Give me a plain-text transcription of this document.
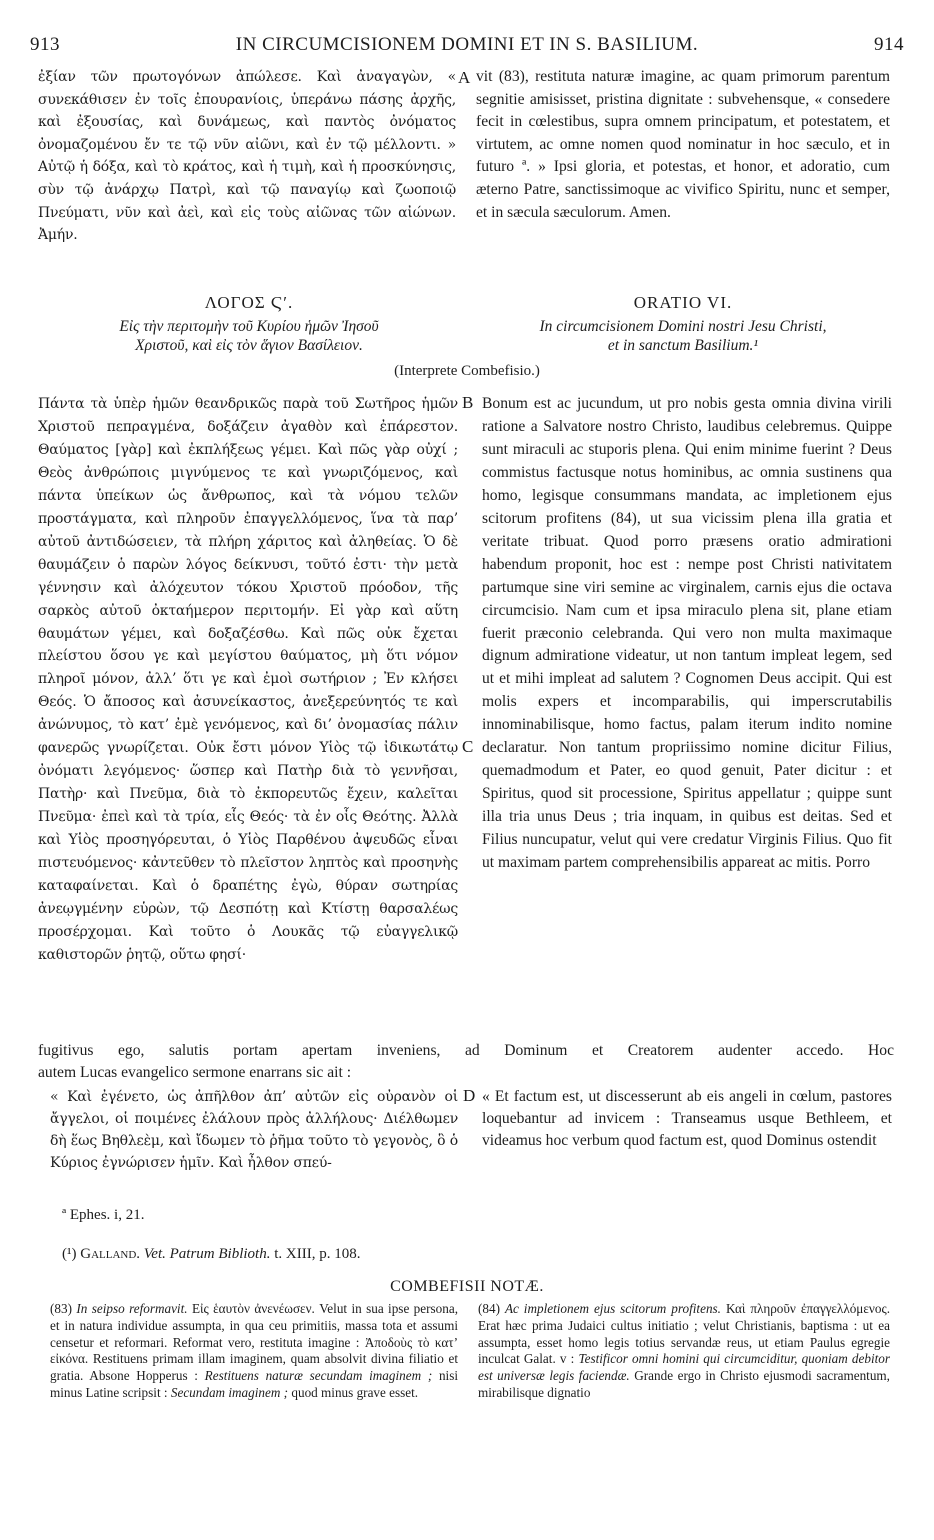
913	IN CIRCUMCISIONEM DOMINI ET IN S. BASILIUM.	914

ἐξίαν τῶν πρωτογόνων ἀπώλεσε. Καὶ ἀναγαγὼν, « συνεκάθισεν ἐν τοῖς ἐπουρανίοις, ὑπεράνω πάσης ἀρχῆς, καὶ ἐξουσίας, καὶ δυνάμεως, καὶ παντὸς ὀνόματος ὀνομαζομένου ἔν τε τῷ νῦν αἰῶνι, καὶ ἐν τῷ μέλλοντι. » Αὐτῷ ἡ δόξα, καὶ τὸ κράτος, καὶ ἡ τιμὴ, καὶ ἡ προσκύνησις, σὺν τῷ ἀνάρχῳ Πατρὶ, καὶ τῷ παναγίῳ καὶ ζωοποιῷ Πνεύματι, νῦν καὶ ἀεὶ, καὶ εἰς τοὺς αἰῶνας τῶν αἰώνων. Ἀμήν.

A vit (83), restituta naturæ imagine, ac quam primorum parentum segnitie amisisset, pristina dignitate : subvehensque, « consedere fecit in cœlestibus, supra omnem principatum, et potestatem, et virtutem, ac omne nomen quod nominatur in hoc sæculo, et in futuro ª. » Ipsi gloria, et potestas, et honor, et adoratio, cum æterno Patre, sanctissimoque ac vivifico Spiritu, nunc et semper, et in sæcula sæculorum. Amen.

ΛΟΓΟΣ Ϛʹ.
Εἰς τὴν περιτομὴν τοῦ Κυρίου ἡμῶν Ἰησοῦ
Χριστοῦ, καὶ εἰς τὸν ἅγιον Βασίλειον.
ORATIO VI.
In circumcisionem Domini nostri Jesu Christi,
et in sanctum Basilium.¹
(Interprete Combefisio.)

Πάντα τὰ ὑπὲρ ἡμῶν θεανδρικῶς παρὰ τοῦ Σωτῆρος ἡμῶν Χριστοῦ πεπραγμένα, δοξάζειν ἀγαθὸν καὶ ἐπάρεστον. Θαύματος [γὰρ] καὶ ἐκπλήξεως γέμει. Καὶ πῶς γὰρ οὐχί ; Θεὸς ἀνθρώποις μιγνύμενος τε καὶ γνωριζόμενος, καὶ πάντα ὑπείκων ὡς ἄνθρωπος, καὶ τὰ νόμου τελῶν προστάγματα, καὶ πληροῦν ἐπαγγελλόμενος, ἵνα τὰ παρ’ αὐτοῦ ἀντιδώσειεν, τὰ πλήρη χάριτος καὶ ἀληθείας. Ὁ δὲ θαυμάζειν ὁ παρὼν λόγος δείκνυσι, τοῦτό ἐστι· τὴν μετὰ γέννησιν καὶ ἀλόχευτον τόκου Χριστοῦ πρόοδον, τῆς σαρκὸς αὐτοῦ ὀκταήμερον περιτομήν. Εἰ γὰρ καὶ αὕτη θαυμάτων γέμει, καὶ δοξαζέσθω. Καὶ πῶς οὐκ ἔχεται πλείστου ὅσου γε καὶ μεγίστου θαύματος, μὴ ὅτι νόμον πληροῖ μόνον, ἀλλ’ ὅτι γε καὶ ἐμοὶ σωτήριον ; Ἐν κλήσει Θεός. Ὁ ἄποσος καὶ ἀσυνείκαστος, ἀνεξερεύνητός τε καὶ ἀνώνυμος, τὸ κατ’ ἐμὲ γενόμενος, καὶ δι’ ὀνομασίας πάλιν φανερῶς γνωρίζεται. Οὐκ ἔστι μόνον Υἱὸς τῷ ἰδικωτάτῳ ὀνόματι λεγόμενος· ὥσπερ καὶ Πατὴρ διὰ τὸ γεννῆσαι, Πατὴρ· καὶ Πνεῦμα, διὰ τὸ ἐκπορευτῶς ἔχειν, καλεῖται Πνεῦμα· ἐπεὶ καὶ τὰ τρία, εἷς Θεός· τὰ ἐν οἷς Θεότης. Ἀλλὰ καὶ Υἱὸς προσηγόρευται, ὁ Υἱὸς Παρθένου ἀψευδῶς εἶναι πιστευόμενος· κἀντεῦθεν τὸ πλεῖστον ληπτὸς καὶ προσηνὴς καταφαίνεται. Καὶ ὁ δραπέτης ἐγὼ, θύραν σωτηρίας ἀνεῳγμένην εὑρὼν, τῷ Δεσπότῃ καὶ Κτίστῃ θαρσαλέως προσέρχομαι. Καὶ τοῦτο ὁ Λουκᾶς τῷ εὐαγγελικῷ καθιστορῶν ῥητῷ, οὕτω φησί·

B
C

Bonum est ac jucundum, ut pro nobis gesta omnia divina virili ratione a Salvatore nostro Christo, laudibus celebremus. Quippe sunt miraculi ac stuporis plena. Qui enim minime fuerint ? Deus commistus factusque notus hominibus, ac omnia sustinens qua homo, legisque consummans mandata, ac impletionem ejus scitorum profitens (84), ut sua vicissim plena illa gratia et veritate tribuat. Quod porro præsens oratio admirationi habendum proponit, hoc est : nempe post Christi nativitatem partumque sine viri semine ac virginalem, carnis ejus die octava circumcisio. Nam cum et ipsa miraculo plena sit, plane etiam fuerit præconio celebranda. Qui vero non multa maximaque dignum admiratione videatur, ut non tantum impleat legem, sed ut et mihi impleat ad salutem ? Cognomen Deus accipit. Qui est molis expers et incomparabilis, qui imperscrutabilis innominabilisque, homo factus, palam iterum indito nomine declaratur. Non tantum propriissimo nomine dicitur Filius, quemadmodum et Pater, eo quod genuit, Pater dicitur : et Spiritus, quod sit processione, Spiritus appellatur ; quippe sunt illa tria unus Deus ; tria inquam, in quibus est deitas. Sed et Filius nuncupatur, velut qui vere credatur Virginis Filius. Quo fit ut maximam partem comprehensibilis appareat ac mitis. Porro

fugitivus ego, salutis portam apertam inveniens, ad Dominum et Creatorem audenter accedo. Hoc
autem Lucas evangelico sermone enarrans sic ait :

« Καὶ ἐγένετο, ὡς ἀπῆλθον ἀπ’ αὐτῶν εἰς οὐρανὸν οἱ ἄγγελοι, οἱ ποιμένες ἐλάλουν πρὸς ἀλλήλους· Διέλθωμεν δὴ ἕως Βηθλεὲμ, καὶ ἴδωμεν τὸ ῥῆμα τοῦτο τὸ γεγονὸς, ὃ ὁ Κύριος ἐγνώρισεν ἡμῖν. Καὶ ἦλθον σπεύ-

D « Et factum est, ut discesserunt ab eis angeli in cœlum, pastores loquebantur ad invicem : Transeamus usque Bethleem, et videamus hoc verbum quod factum est, quod Dominus ostendit

ª Ephes. i, 21.
(¹) Galland. Vet. Patrum Biblioth. t. XIII, p. 108.
COMBEFISII NOTÆ.
(83) In seipso reformavit. Εἰς ἑαυτὸν ἀνενέωσεν. Velut in sua ipse persona, et in natura individue assumpta, in qua ceu primitiis, massa tota et assumi censetur et reformari. Reformat vero, restituta imagine : Ἀποδοὺς τὸ κατ’ εἰκόνα. Restituens primam illam imaginem, quam absolvit divina filiatio et gratia. Absone Hopperus : Restituens naturæ secundam imaginem ; nisi minus Latine scripsit : Secundam imaginem ; quod minus grave esset.
(84) Ac impletionem ejus scitorum profitens. Καὶ πληροῦν ἐπαγγελλόμενος. Erat hæc prima Judaici cultus initiatio ; velut Christianis, baptisma : ut ea assumpta, esset homo legis totius servandæ reus, ut etiam Paulus egregie inculcat Galat. v : Testificor omni homini qui circumciditur, quoniam debitor est universæ legis faciendæ. Grande ergo in Christo ejusmodi sacramentum, mirabilisque dignatio
